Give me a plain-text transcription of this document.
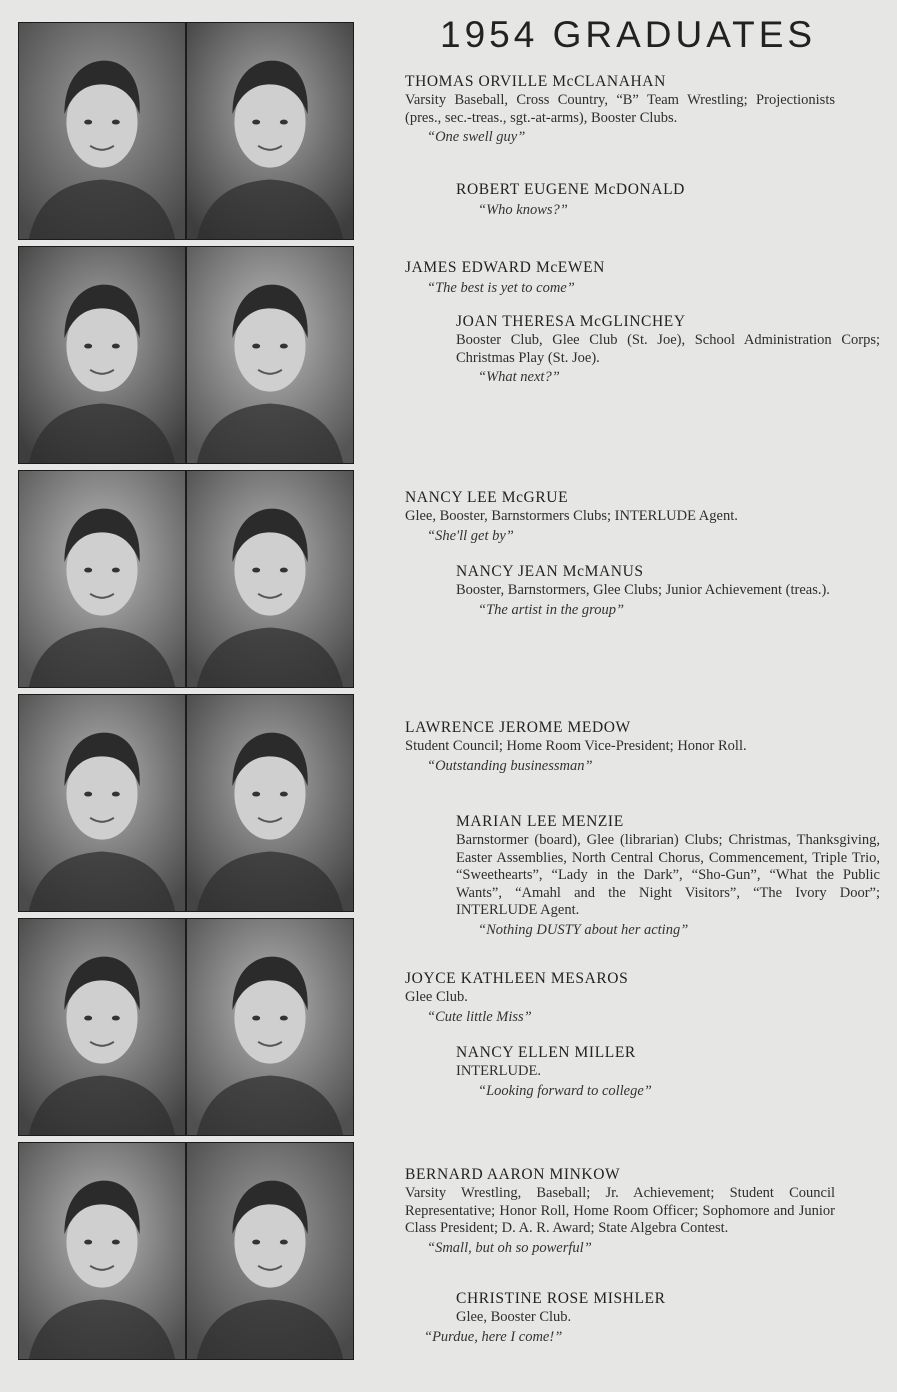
1954 GRADUATES
THOMAS ORVILLE McCLANAHAN
Varsity Baseball, Cross Country, “B” Team Wrestling; Projectionists (pres., sec.-treas., sgt.-at-arms), Booster Clubs.
“One swell guy”
ROBERT EUGENE McDONALD
“Who knows?”
JAMES EDWARD McEWEN
“The best is yet to come”
JOAN THERESA McGLINCHEY
Booster Club, Glee Club (St. Joe), School Administration Corps; Christmas Play (St. Joe).
“What next?”
NANCY LEE McGRUE
Glee, Booster, Barnstormers Clubs; INTERLUDE Agent.
“She'll get by”
NANCY JEAN McMANUS
Booster, Barnstormers, Glee Clubs; Junior Achievement (treas.).
“The artist in the group”
LAWRENCE JEROME MEDOW
Student Council; Home Room Vice-President; Honor Roll.
“Outstanding businessman”
MARIAN LEE MENZIE
Barnstormer (board), Glee (librarian) Clubs; Christmas, Thanksgiving, Easter Assemblies, North Central Chorus, Commencement, Triple Trio, “Sweethearts”, “Lady in the Dark”, “Sho-Gun”, “What the Public Wants”, “Amahl and the Night Visitors”, “The Ivory Door”; INTERLUDE Agent.
“Nothing DUSTY about her acting”
JOYCE KATHLEEN MESAROS
Glee Club.
“Cute little Miss”
NANCY ELLEN MILLER
INTERLUDE.
“Looking forward to college”
BERNARD AARON MINKOW
Varsity Wrestling, Baseball; Jr. Achievement; Student Council Representative; Honor Roll, Home Room Officer; Sophomore and Junior Class President; D. A. R. Award; State Algebra Contest.
“Small, but oh so powerful”
CHRISTINE ROSE MISHLER
Glee, Booster Club.
“Purdue, here I come!”
